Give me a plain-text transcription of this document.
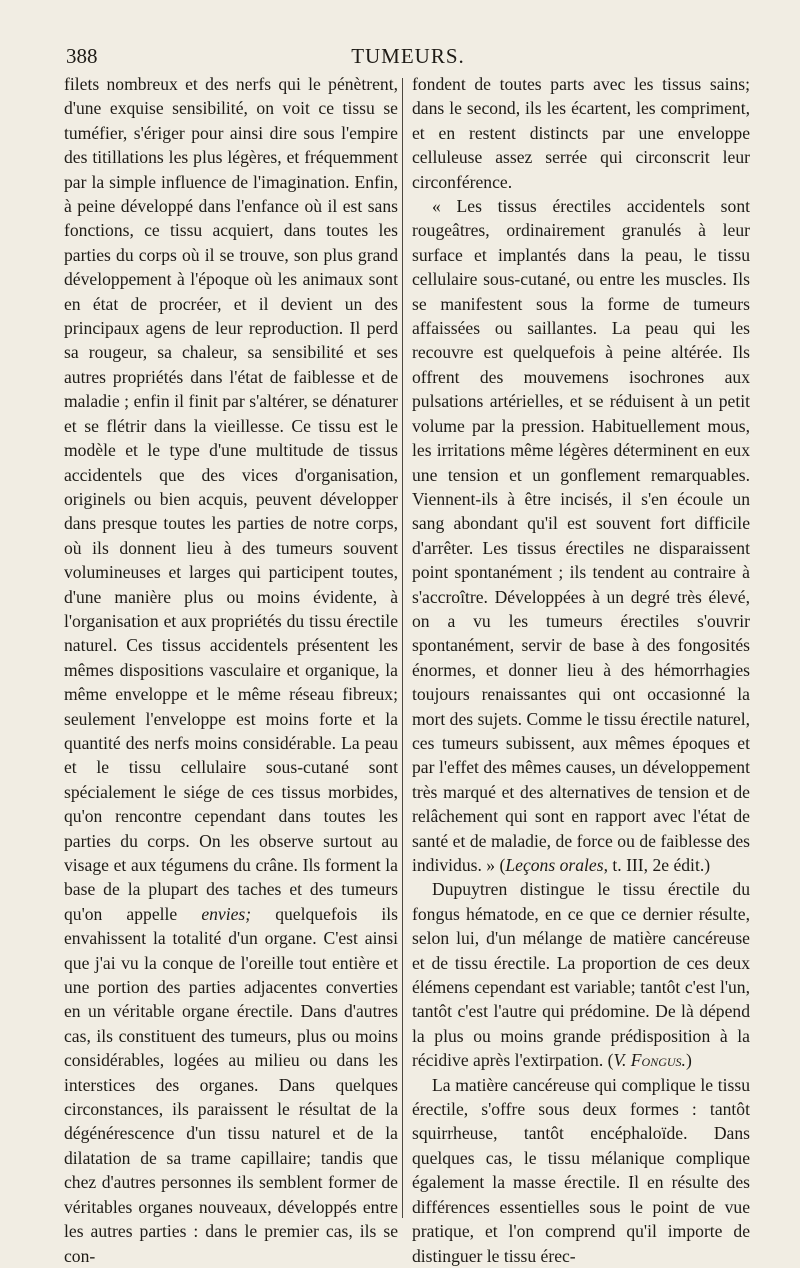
388	TUMEURS.

filets nombreux et des nerfs qui le pénètrent, d'une exquise sensibilité, on voit ce tissu se tuméfier, s'ériger pour ainsi dire sous l'empire des titillations les plus légères, et fréquemment par la simple influence de l'imagination. Enfin, à peine développé dans l'enfance où il est sans fonctions, ce tissu acquiert, dans toutes les parties du corps où il se trouve, son plus grand développement à l'époque où les animaux sont en état de procréer, et il devient un des principaux agens de leur reproduction. Il perd sa rougeur, sa chaleur, sa sensibilité et ses autres propriétés dans l'état de faiblesse et de maladie ; enfin il finit par s'altérer, se dénaturer et se flétrir dans la vieillesse. Ce tissu est le modèle et le type d'une multitude de tissus accidentels que des vices d'organisation, originels ou bien acquis, peuvent développer dans presque toutes les parties de notre corps, où ils donnent lieu à des tumeurs souvent volumineuses et larges qui participent toutes, d'une manière plus ou moins évidente, à l'organisation et aux propriétés du tissu érectile naturel. Ces tissus accidentels présentent les mêmes dispositions vasculaire et organique, la même enveloppe et le même réseau fibreux; seulement l'enveloppe est moins forte et la quantité des nerfs moins considérable. La peau et le tissu cellulaire sous-cutané sont spécialement le siége de ces tissus morbides, qu'on rencontre cependant dans toutes les parties du corps. On les observe surtout au visage et aux tégumens du crâne. Ils forment la base de la plupart des taches et des tumeurs qu'on appelle envies; quelquefois ils envahissent la totalité d'un organe. C'est ainsi que j'ai vu la conque de l'oreille tout entière et une portion des parties adjacentes converties en un véritable organe érectile. Dans d'autres cas, ils constituent des tumeurs, plus ou moins considérables, logées au milieu ou dans les interstices des organes. Dans quelques circonstances, ils paraissent le résultat de la dégénérescence d'un tissu naturel et de la dilatation de sa trame capillaire; tandis que chez d'autres personnes ils semblent former de véritables organes nouveaux, développés entre les autres parties : dans le premier cas, ils se con-

fondent de toutes parts avec les tissus sains; dans le second, ils les écartent, les compriment, et en restent distincts par une enveloppe celluleuse assez serrée qui circonscrit leur circonférence.

« Les tissus érectiles accidentels sont rougeâtres, ordinairement granulés à leur surface et implantés dans la peau, le tissu cellulaire sous-cutané, ou entre les muscles. Ils se manifestent sous la forme de tumeurs affaissées ou saillantes. La peau qui les recouvre est quelquefois à peine altérée. Ils offrent des mouvemens isochrones aux pulsations artérielles, et se réduisent à un petit volume par la pression. Habituellement mous, les irritations même légères déterminent en eux une tension et un gonflement remarquables. Viennent-ils à être incisés, il s'en écoule un sang abondant qu'il est souvent fort difficile d'arrêter. Les tissus érectiles ne disparaissent point spontanément ; ils tendent au contraire à s'accroître. Développées à un degré très élevé, on a vu les tumeurs érectiles s'ouvrir spontanément, servir de base à des fongosités énormes, et donner lieu à des hémorrhagies toujours renaissantes qui ont occasionné la mort des sujets. Comme le tissu érectile naturel, ces tumeurs subissent, aux mêmes époques et par l'effet des mêmes causes, un développement très marqué et des alternatives de tension et de relâchement qui sont en rapport avec l'état de santé et de maladie, de force ou de faiblesse des individus. » (Leçons orales, t. III, 2e édit.)

Dupuytren distingue le tissu érectile du fongus hématode, en ce que ce dernier résulte, selon lui, d'un mélange de matière cancéreuse et de tissu érectile. La proportion de ces deux élémens cependant est variable; tantôt c'est l'un, tantôt c'est l'autre qui prédomine. De là dépend la plus ou moins grande prédisposition à la récidive après l'extirpation. (V. Fongus.)

La matière cancéreuse qui complique le tissu érectile, s'offre sous deux formes : tantôt squirrheuse, tantôt encéphaloïde. Dans quelques cas, le tissu mélanique complique également la masse érectile. Il en résulte des différences essentielles sous le point de vue pratique, et l'on comprend qu'il importe de distinguer le tissu érec-
